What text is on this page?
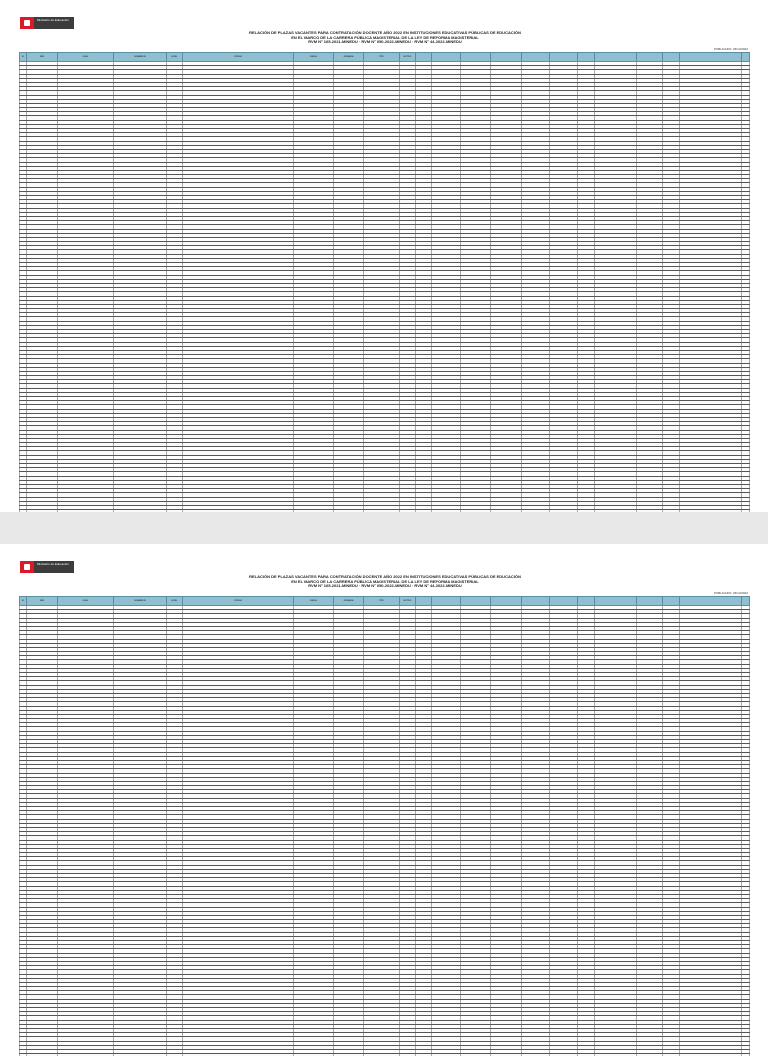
Ministerio de Educación
RELACIÓN DE PLAZAS VACANTES PARA CONTRATACIÓN DOCENTE AÑO 2022 EN INSTITUCIONES EDUCATIVAS PÚBLICAS DE EDUCACIÓN
EN EL MARCO DE LA CARRERA PÚBLICA MAGISTERIAL DE LA LEY DE REFORMA MAGISTERIAL
RVM N° 165-2021-MINEDU · RVM N° 050-2022-MINEDU · RVM N° 44-2022-MINEDU
PUBLICADO: 26/12/2022
N°	DRE	UGEL	NOMBRE IE	NIVEL	CÓDIGO	CARGO	JORNADA	TIPO	MOTIVO												

Ministerio de Educación
RELACIÓN DE PLAZAS VACANTES PARA CONTRATACIÓN DOCENTE AÑO 2022 EN INSTITUCIONES EDUCATIVAS PÚBLICAS DE EDUCACIÓN
EN EL MARCO DE LA CARRERA PÚBLICA MAGISTERIAL DE LA LEY DE REFORMA MAGISTERIAL
RVM N° 165-2021-MINEDU · RVM N° 050-2022-MINEDU · RVM N° 44-2022-MINEDU
PUBLICADO: 26/12/2022
N°	DRE	UGEL	NOMBRE IE	NIVEL	CÓDIGO	CARGO	JORNADA	TIPO	MOTIVO												
